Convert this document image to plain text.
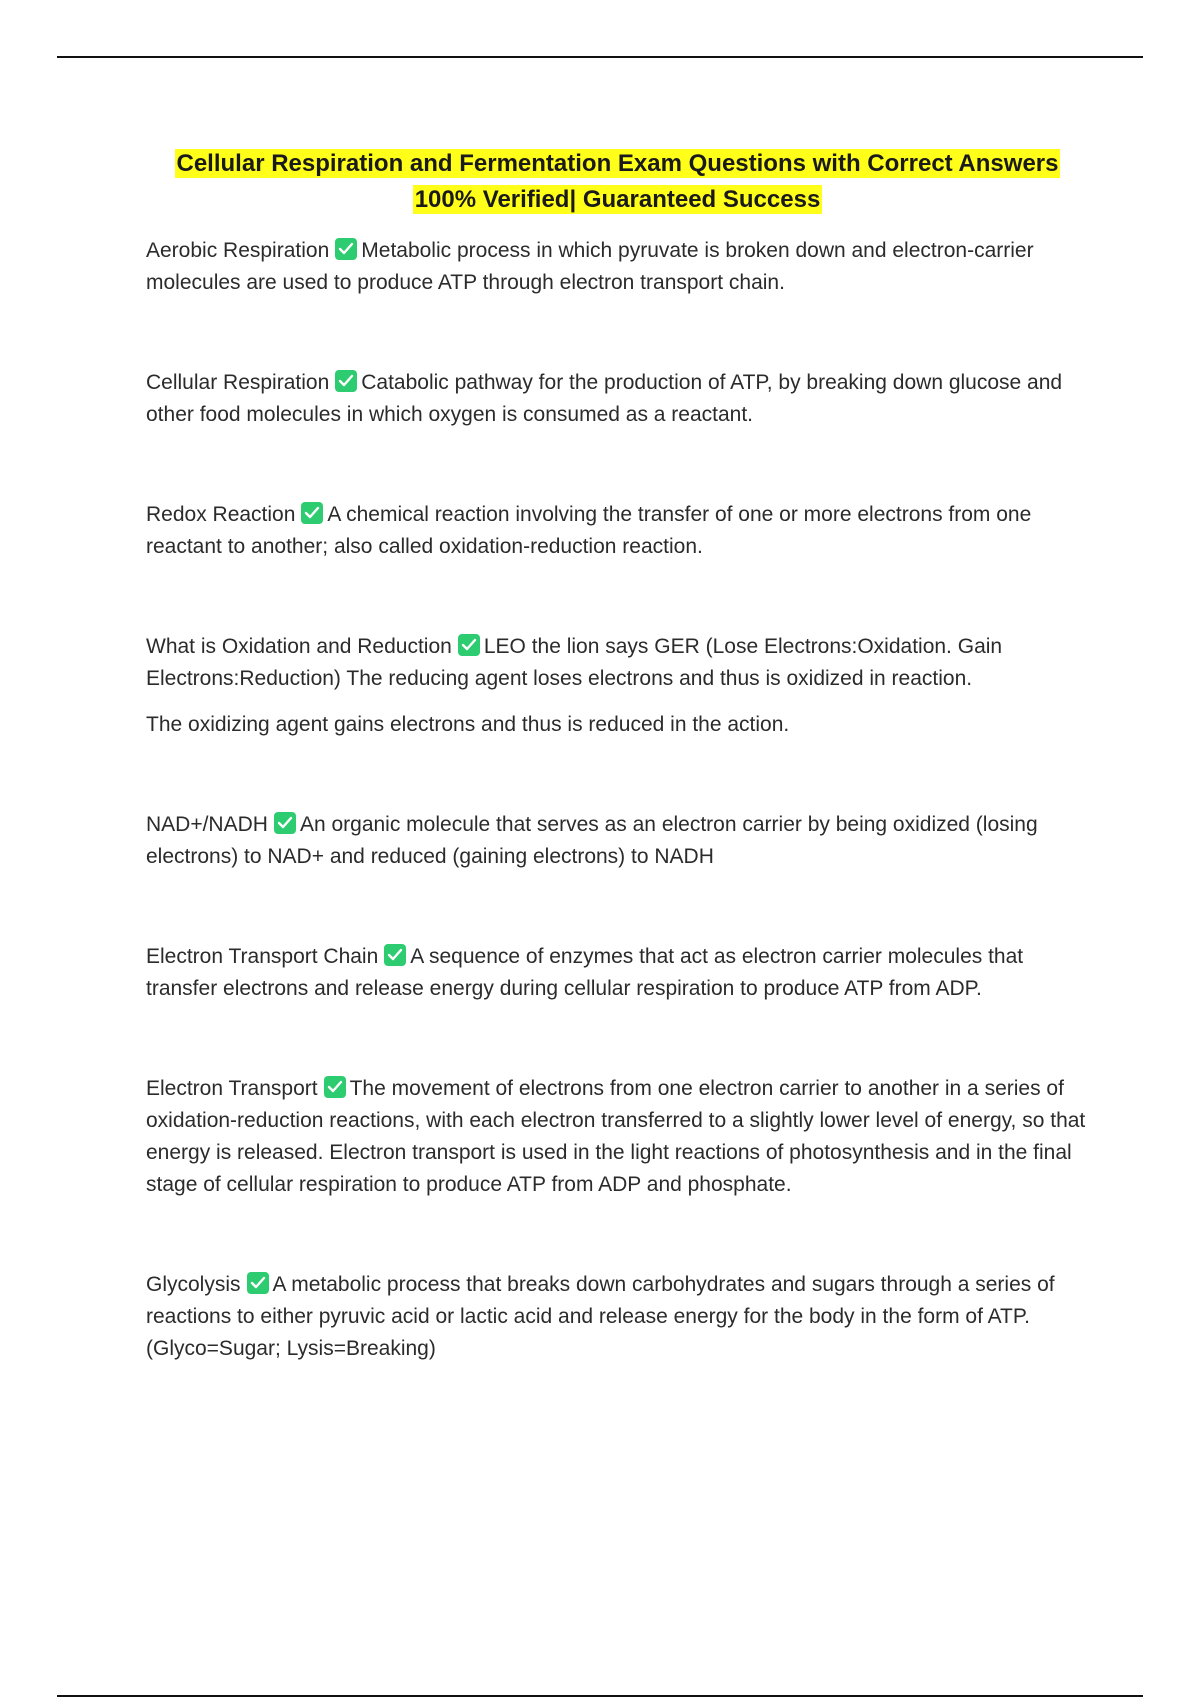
Cellular Respiration and Fermentation Exam Questions with Correct Answers
100% Verified| Guaranteed Success

Aerobic Respiration Metabolic process in which pyruvate is broken down and electron-carrier molecules are used to produce ATP through electron transport chain.

Cellular Respiration Catabolic pathway for the production of ATP, by breaking down glucose and other food molecules in which oxygen is consumed as a reactant.

Redox Reaction A chemical reaction involving the transfer of one or more electrons from one reactant to another; also called oxidation-reduction reaction.

What is Oxidation and Reduction LEO the lion says GER (Lose Electrons:Oxidation. Gain Electrons:Reduction) The reducing agent loses electrons and thus is oxidized in reaction.
The oxidizing agent gains electrons and thus is reduced in the action.

NAD+/NADH An organic molecule that serves as an electron carrier by being oxidized (losing electrons) to NAD+ and reduced (gaining electrons) to NADH

Electron Transport Chain A sequence of enzymes that act as electron carrier molecules that transfer electrons and release energy during cellular respiration to produce ATP from ADP.

Electron Transport The movement of electrons from one electron carrier to another in a series of oxidation-reduction reactions, with each electron transferred to a slightly lower level of energy, so that energy is released. Electron transport is used in the light reactions of photosynthesis and in the final stage of cellular respiration to produce ATP from ADP and phosphate.

Glycolysis A metabolic process that breaks down carbohydrates and sugars through a series of reactions to either pyruvic acid or lactic acid and release energy for the body in the form of ATP. (Glyco=Sugar; Lysis=Breaking)
